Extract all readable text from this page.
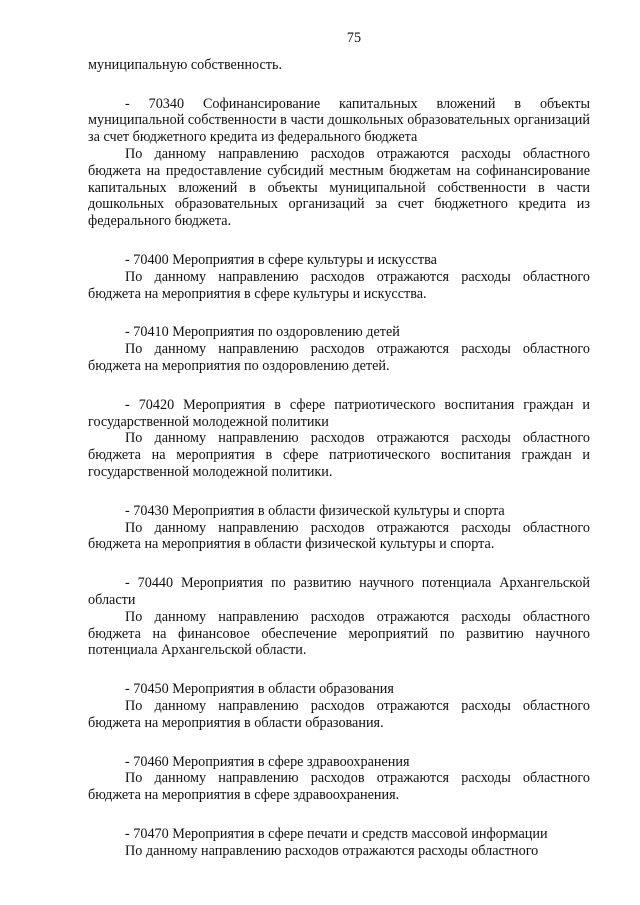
75

муниципальную собственность.

- 70340 Софинансирование капитальных вложений в объекты муниципальной собственности в части дошкольных образовательных организаций за счет бюджетного кредита из федерального бюджета

По данному направлению расходов отражаются расходы областного бюджета на предоставление субсидий местным бюджетам на софинансирование капитальных вложений в объекты муниципальной собственности в части дошкольных образовательных организаций за счет бюджетного кредита из федерального бюджета.

- 70400 Мероприятия в сфере культуры и искусства

По данному направлению расходов отражаются расходы областного бюджета на мероприятия в сфере культуры и искусства.

- 70410 Мероприятия по оздоровлению детей

По данному направлению расходов отражаются расходы областного бюджета на мероприятия по оздоровлению детей.

- 70420 Мероприятия в сфере патриотического воспитания граждан и государственной молодежной политики

По данному направлению расходов отражаются расходы областного бюджета на мероприятия в сфере патриотического воспитания граждан и государственной молодежной политики.

- 70430 Мероприятия в области физической культуры и спорта

По данному направлению расходов отражаются расходы областного бюджета на мероприятия в области физической культуры и спорта.

- 70440 Мероприятия по развитию научного потенциала Архангельской области

По данному направлению расходов отражаются расходы областного бюджета на финансовое обеспечение мероприятий по развитию научного потенциала Архангельской области.

- 70450 Мероприятия в области образования

По данному направлению расходов отражаются расходы областного бюджета на мероприятия в области образования.

- 70460 Мероприятия в сфере здравоохранения

По данному направлению расходов отражаются расходы областного бюджета на мероприятия в сфере здравоохранения.

- 70470 Мероприятия в сфере печати и средств массовой информации

По данному направлению расходов отражаются расходы областного
